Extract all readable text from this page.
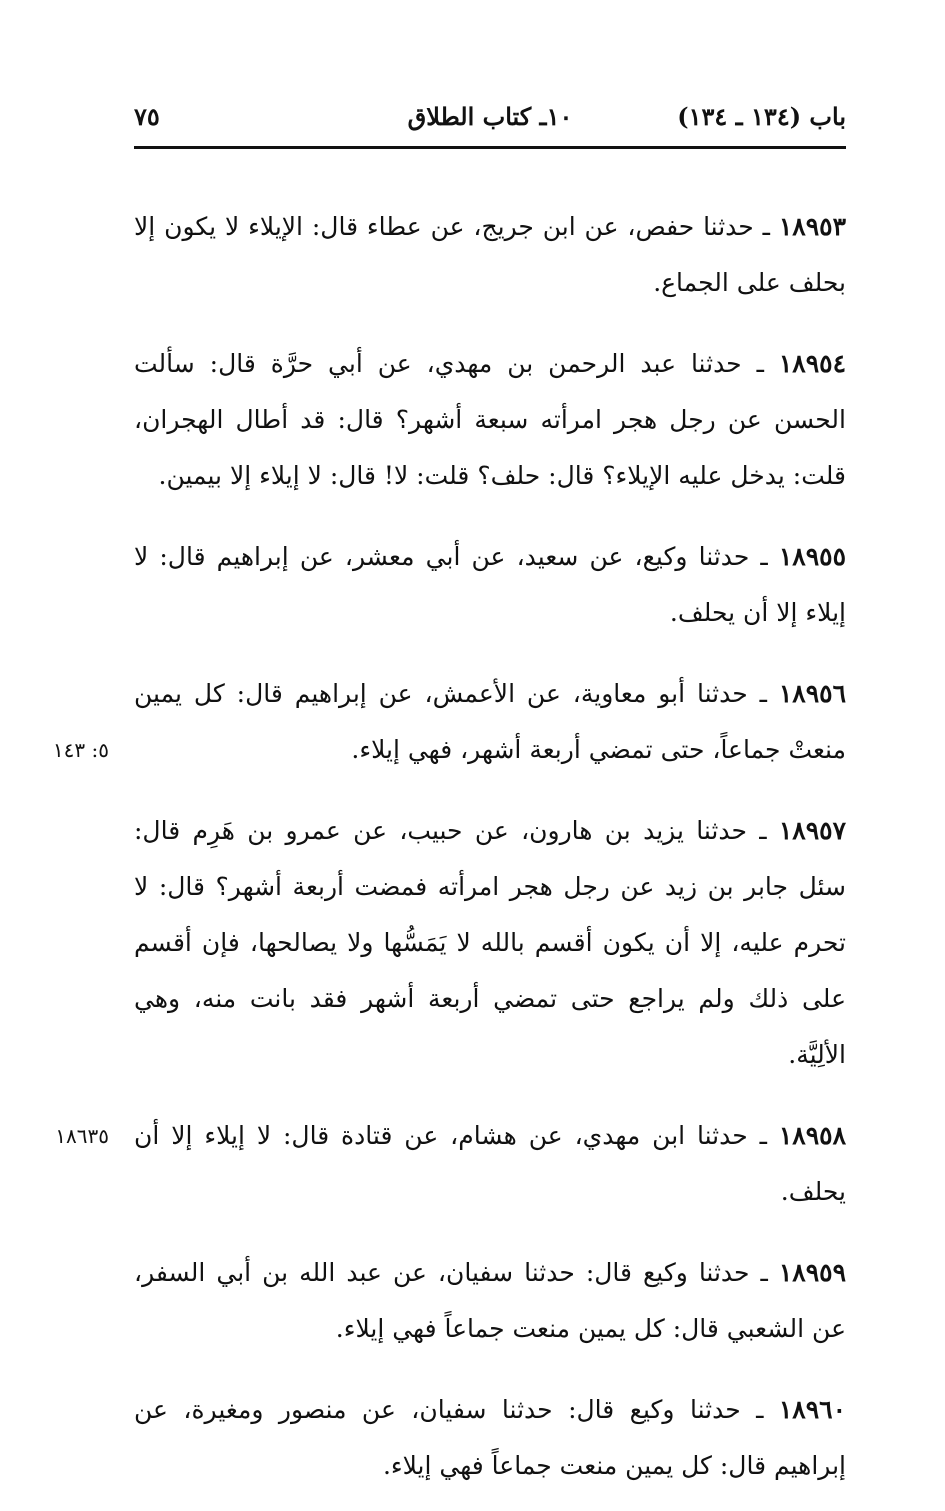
باب (١٣٤ ـ ١٣٤)
١٠ـ كتاب الطلاق
٧٥

١٨٩٥٣ ـ حدثنا حفص، عن ابن جريج، عن عطاء قال: الإيلاء لا يكون إلا بحلف على الجماع.

١٨٩٥٤ ـ حدثنا عبد الرحمن بن مهدي، عن أبي حرَّة قال: سألت الحسن عن رجل هجر امرأته سبعة أشهر؟ قال: قد أطال الهجران، قلت: يدخل عليه الإيلاء؟ قال: حلف؟ قلت: لا! قال: لا إيلاء إلا بيمين.

١٨٩٥٥ ـ حدثنا وكيع، عن سعيد، عن أبي معشر، عن إبراهيم قال: لا إيلاء إلا أن يحلف.

٥: ١٤٣
١٨٩٥٦ ـ حدثنا أبو معاوية، عن الأعمش، عن إبراهيم قال: كل يمين منعتْ جماعاً، حتى تمضي أربعة أشهر، فهي إيلاء.

١٨٩٥٧ ـ حدثنا يزيد بن هارون، عن حبيب، عن عمرو بن هَرِم قال: سئل جابر بن زيد عن رجل هجر امرأته فمضت أربعة أشهر؟ قال: لا تحرم عليه، إلا أن يكون أقسم بالله لا يَمَسُّها ولا يصالحها، فإن أقسم على ذلك ولم يراجع حتى تمضي أربعة أشهر فقد بانت منه، وهي الألِيَّة.

١٨٦٣٥	١٨٩٥٨ ـ حدثنا ابن مهدي، عن هشام، عن قتادة قال: لا إيلاء إلا أن يحلف.

١٨٩٥٩ ـ حدثنا وكيع قال: حدثنا سفيان، عن عبد الله بن أبي السفر، عن الشعبي قال: كل يمين منعت جماعاً فهي إيلاء.

١٨٩٦٠ ـ حدثنا وكيع قال: حدثنا سفيان، عن منصور ومغيرة، عن إبراهيم قال: كل يمين منعت جماعاً فهي إيلاء.
